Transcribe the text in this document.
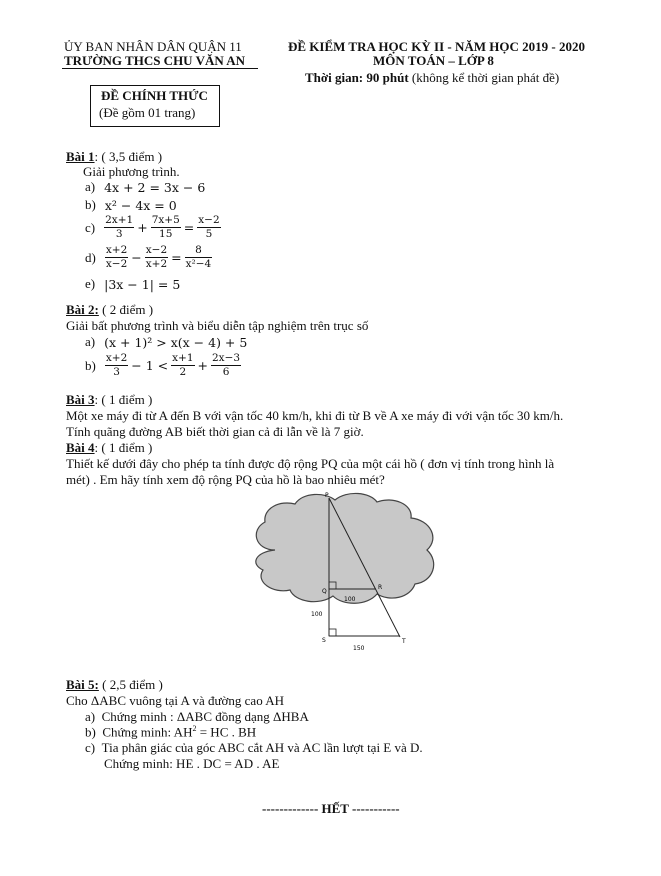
ỦY BAN NHÂN DÂN QUẬN 11
TRƯỜNG THCS CHU VĂN AN
ĐỀ KIỂM TRA HỌC KỲ II - NĂM HỌC 2019 - 2020
MÔN TOÁN – LỚP 8
Thời gian: 90 phút (không kể thời gian phát đề)
ĐỀ CHÍNH THỨC
(Đề gồm 01 trang)
Bài 1: ( 3,5 điểm )
Giải phương trình.
a) 4x + 2 = 3x − 6
b) x² − 4x = 0
$c) \frac{2x+1}{3} + \frac{7x+5}{15} = \frac{x-2}{5}$
$d) \frac{x+2}{x-2} - \frac{x-2}{x+2} = \frac{8}{\text{x²−4}}$
e) |3x − 1| = 5
Bài 2: ( 2 điểm )
Giải bất phương trình và biểu diễn tập nghiệm trên trục số
a) (x + 1)² > x(x − 4) + 5
$b) \frac{x+2}{3} - 1 < \frac{x+1}{2} + \frac{2x-3}{6}$
Bài 3: ( 1 điểm )
Một xe máy đi từ A đến B với vận tốc 40 km/h, khi đi từ B về A xe máy đi với vận tốc 30 km/h.
Tính quãng đường AB biết thời gian cả đi lẫn về là 7 giờ.
Bài 4: ( 1 điểm )
Thiết kế dưới đây cho phép ta tính được độ rộng PQ của một cái hồ ( đơn vị tính trong hình là
mét) . Em hãy tính xem độ rộng PQ của hồ là bao nhiêu mét?
P
Q
R
S	T
100
100
150
Bài 5: ( 2,5 điểm )
Cho ΔABC vuông tại A và đường cao AH
a) Chứng minh : ΔABC đồng dạng ΔHBA
b) Chứng minh: $AH^2$ = HC . BH
c) Tia phân giác của góc ABC cắt AH và AC lần lượt tại E và D.
Chứng minh: HE . DC = AD . AE
------------- HẾT -----------
